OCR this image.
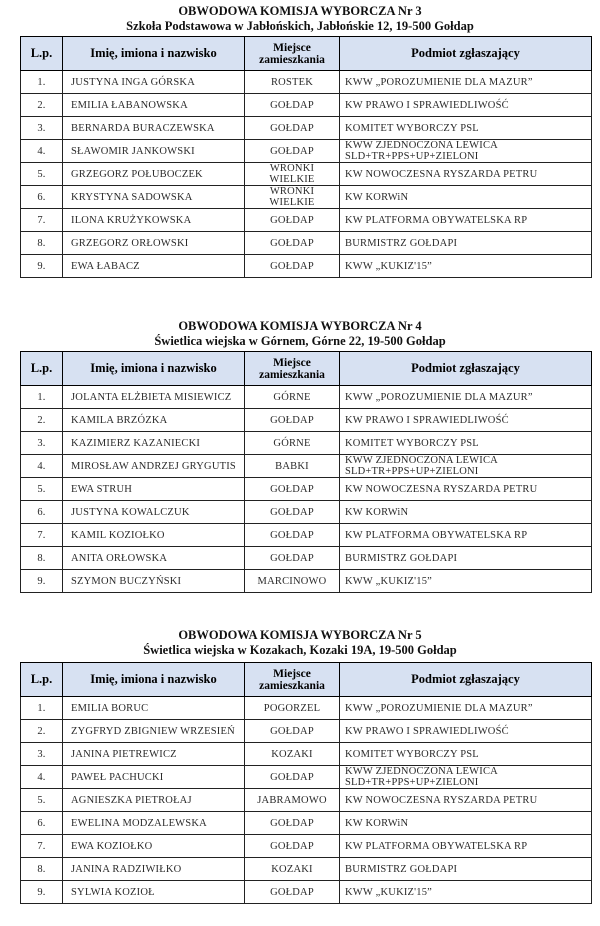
OBWODOWA KOMISJA WYBORCZA Nr 3
Szkoła Podstawowa w Jabłońskich, Jabłońskie 12, 19-500 Gołdap
L.p.	Imię, imiona i nazwisko	Miejsce zamieszkania	Podmiot zgłaszający
1.	JUSTYNA INGA GÓRSKA	ROSTEK	KWW „POROZUMIENIE DLA MAZUR”
2.	EMILIA ŁABANOWSKA	GOŁDAP	KW PRAWO I SPRAWIEDLIWOŚĆ
3.	BERNARDA BURACZEWSKA	GOŁDAP	KOMITET WYBORCZY PSL
4.	SŁAWOMIR JANKOWSKI	GOŁDAP	KWW ZJEDNOCZONA LEWICA SLD+TR+PPS+UP+ZIELONI
5.	GRZEGORZ POŁUBOCZEK	WRONKI WIELKIE	KW NOWOCZESNA RYSZARDA PETRU
6.	KRYSTYNA SADOWSKA	WRONKI WIELKIE	KW KORWiN
7.	ILONA KRUŻYKOWSKA	GOŁDAP	KW PLATFORMA OBYWATELSKA RP
8.	GRZEGORZ ORŁOWSKI	GOŁDAP	BURMISTRZ GOŁDAPI
9.	EWA ŁABACZ	GOŁDAP	KWW „KUKIZ'15”
OBWODOWA KOMISJA WYBORCZA Nr 4
Świetlica wiejska w Górnem, Górne 22, 19-500 Gołdap
L.p.	Imię, imiona i nazwisko	Miejsce zamieszkania	Podmiot zgłaszający
1.	JOLANTA ELŻBIETA MISIEWICZ	GÓRNE	KWW „POROZUMIENIE DLA MAZUR”
2.	KAMILA BRZÓZKA	GOŁDAP	KW PRAWO I SPRAWIEDLIWOŚĆ
3.	KAZIMIERZ KAZANIECKI	GÓRNE	KOMITET WYBORCZY PSL
4.	MIROSŁAW ANDRZEJ GRYGUTIS	BABKI	KWW ZJEDNOCZONA LEWICA SLD+TR+PPS+UP+ZIELONI
5.	EWA STRUH	GOŁDAP	KW NOWOCZESNA RYSZARDA PETRU
6.	JUSTYNA KOWALCZUK	GOŁDAP	KW KORWiN
7.	KAMIL KOZIOŁKO	GOŁDAP	KW PLATFORMA OBYWATELSKA RP
8.	ANITA ORŁOWSKA	GOŁDAP	BURMISTRZ GOŁDAPI
9.	SZYMON BUCZYŃSKI	MARCINOWO	KWW „KUKIZ'15”
OBWODOWA KOMISJA WYBORCZA Nr 5
Świetlica wiejska w Kozakach, Kozaki 19A, 19-500 Gołdap
L.p.	Imię, imiona i nazwisko	Miejsce zamieszkania	Podmiot zgłaszający
1.	EMILIA BORUC	POGORZEL	KWW „POROZUMIENIE DLA MAZUR”
2.	ZYGFRYD ZBIGNIEW WRZESIEŃ	GOŁDAP	KW PRAWO I SPRAWIEDLIWOŚĆ
3.	JANINA PIETREWICZ	KOZAKI	KOMITET WYBORCZY PSL
4.	PAWEŁ PACHUCKI	GOŁDAP	KWW ZJEDNOCZONA LEWICA SLD+TR+PPS+UP+ZIELONI
5.	AGNIESZKA PIETROŁAJ	JABRAMOWO	KW NOWOCZESNA RYSZARDA PETRU
6.	EWELINA MODZALEWSKA	GOŁDAP	KW KORWiN
7.	EWA KOZIOŁKO	GOŁDAP	KW PLATFORMA OBYWATELSKA RP
8.	JANINA RADZIWIŁKO	KOZAKI	BURMISTRZ GOŁDAPI
9.	SYLWIA KOZIOŁ	GOŁDAP	KWW „KUKIZ'15”
